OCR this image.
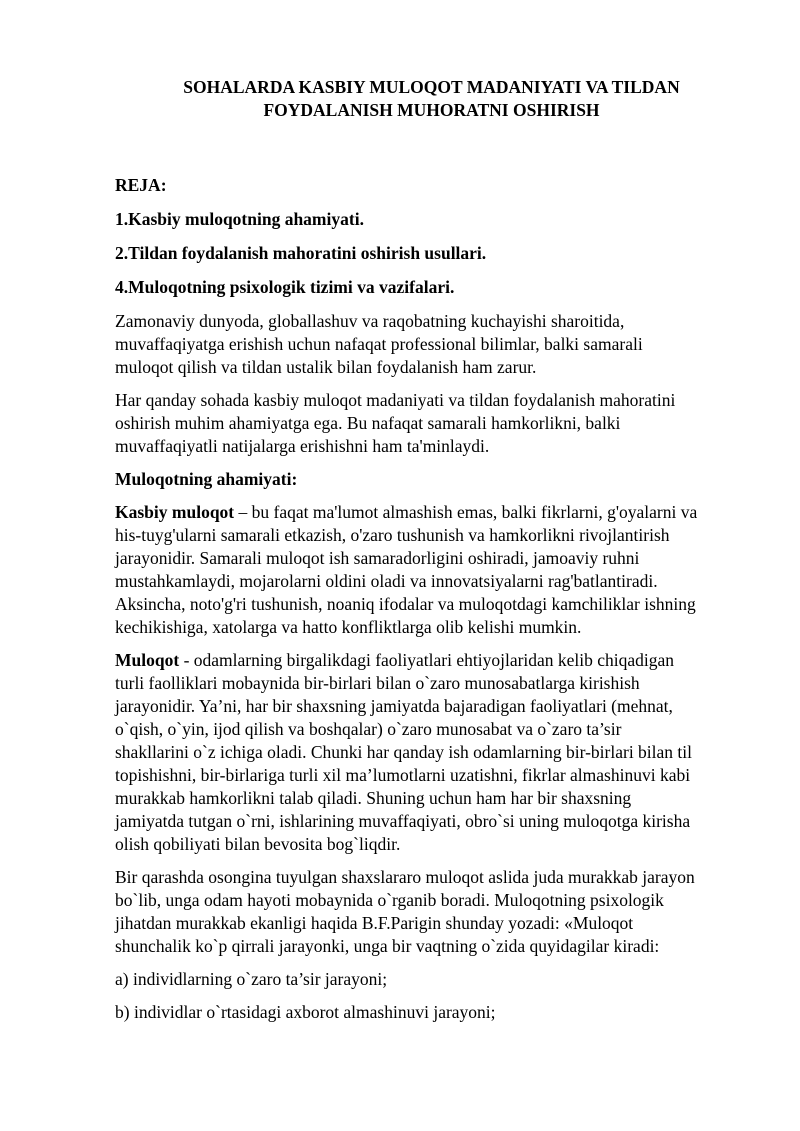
SOHALARDA KASBIY MULOQOT MADANIYATI VA TILDAN
FOYDALANISH MUHORATNI OSHIRISH
REJA:
1.Kasbiy muloqotning ahamiyati.
2.Tildan foydalanish mahoratini oshirish usullari.
4.Muloqotning psixologik tizimi va vazifalari.

Zamonaviy dunyoda, globallashuv va raqobatning kuchayishi sharoitida,
muvaffaqiyatga erishish uchun nafaqat professional bilimlar, balki samarali
muloqot qilish va tildan ustalik bilan foydalanish ham zarur.

Har qanday sohada kasbiy muloqot madaniyati va tildan foydalanish mahoratini
oshirish muhim ahamiyatga ega. Bu nafaqat samarali hamkorlikni, balki
muvaffaqiyatli natijalarga erishishni ham ta'minlaydi.

Muloqotning ahamiyati:

Kasbiy muloqot – bu faqat ma'lumot almashish emas, balki fikrlarni, g'oyalarni va
his-tuyg'ularni samarali etkazish, o'zaro tushunish va hamkorlikni rivojlantirish
jarayonidir. Samarali muloqot ish samaradorligini oshiradi, jamoaviy ruhni
mustahkamlaydi, mojarolarni oldini oladi va innovatsiyalarni rag'batlantiradi.
Aksincha, noto'g'ri tushunish, noaniq ifodalar va muloqotdagi kamchiliklar ishning
kechikishiga, xatolarga va hatto konfliktlarga olib kelishi mumkin.

Muloqot - odamlarning birgalikdagi faoliyatlari ehtiyojlaridan kelib chiqadigan
turli faolliklari mobaynida bir-birlari bilan o`zaro munosabatlarga kirishish
jarayonidir. Ya’ni, har bir shaxsning jamiyatda bajaradigan faoliyatlari (mehnat,
o`qish, o`yin, ijod qilish va boshqalar) o`zaro munosabat va o`zaro ta’sir
shakllarini o`z ichiga oladi. Chunki har qanday ish odamlarning bir-birlari bilan til
topishishni, bir-birlariga turli xil ma’lumotlarni uzatishni, fikrlar almashinuvi kabi
murakkab hamkorlikni talab qiladi. Shuning uchun ham har bir shaxsning
jamiyatda tutgan o`rni, ishlarining muvaffaqiyati, obro`si uning muloqotga kirisha
olish qobiliyati bilan bevosita bog`liqdir.

Bir qarashda osongina tuyulgan shaxslararo muloqot aslida juda murakkab jarayon
bo`lib, unga odam hayoti mobaynida o`rganib boradi. Muloqotning psixologik
jihatdan murakkab ekanligi haqida B.F.Parigin shunday yozadi: «Muloqot
shunchalik ko`p qirrali jarayonki, unga bir vaqtning o`zida quyidagilar kiradi:

a) individlarning o`zaro ta’sir jarayoni;

b) individlar o`rtasidagi axborot almashinuvi jarayoni;
